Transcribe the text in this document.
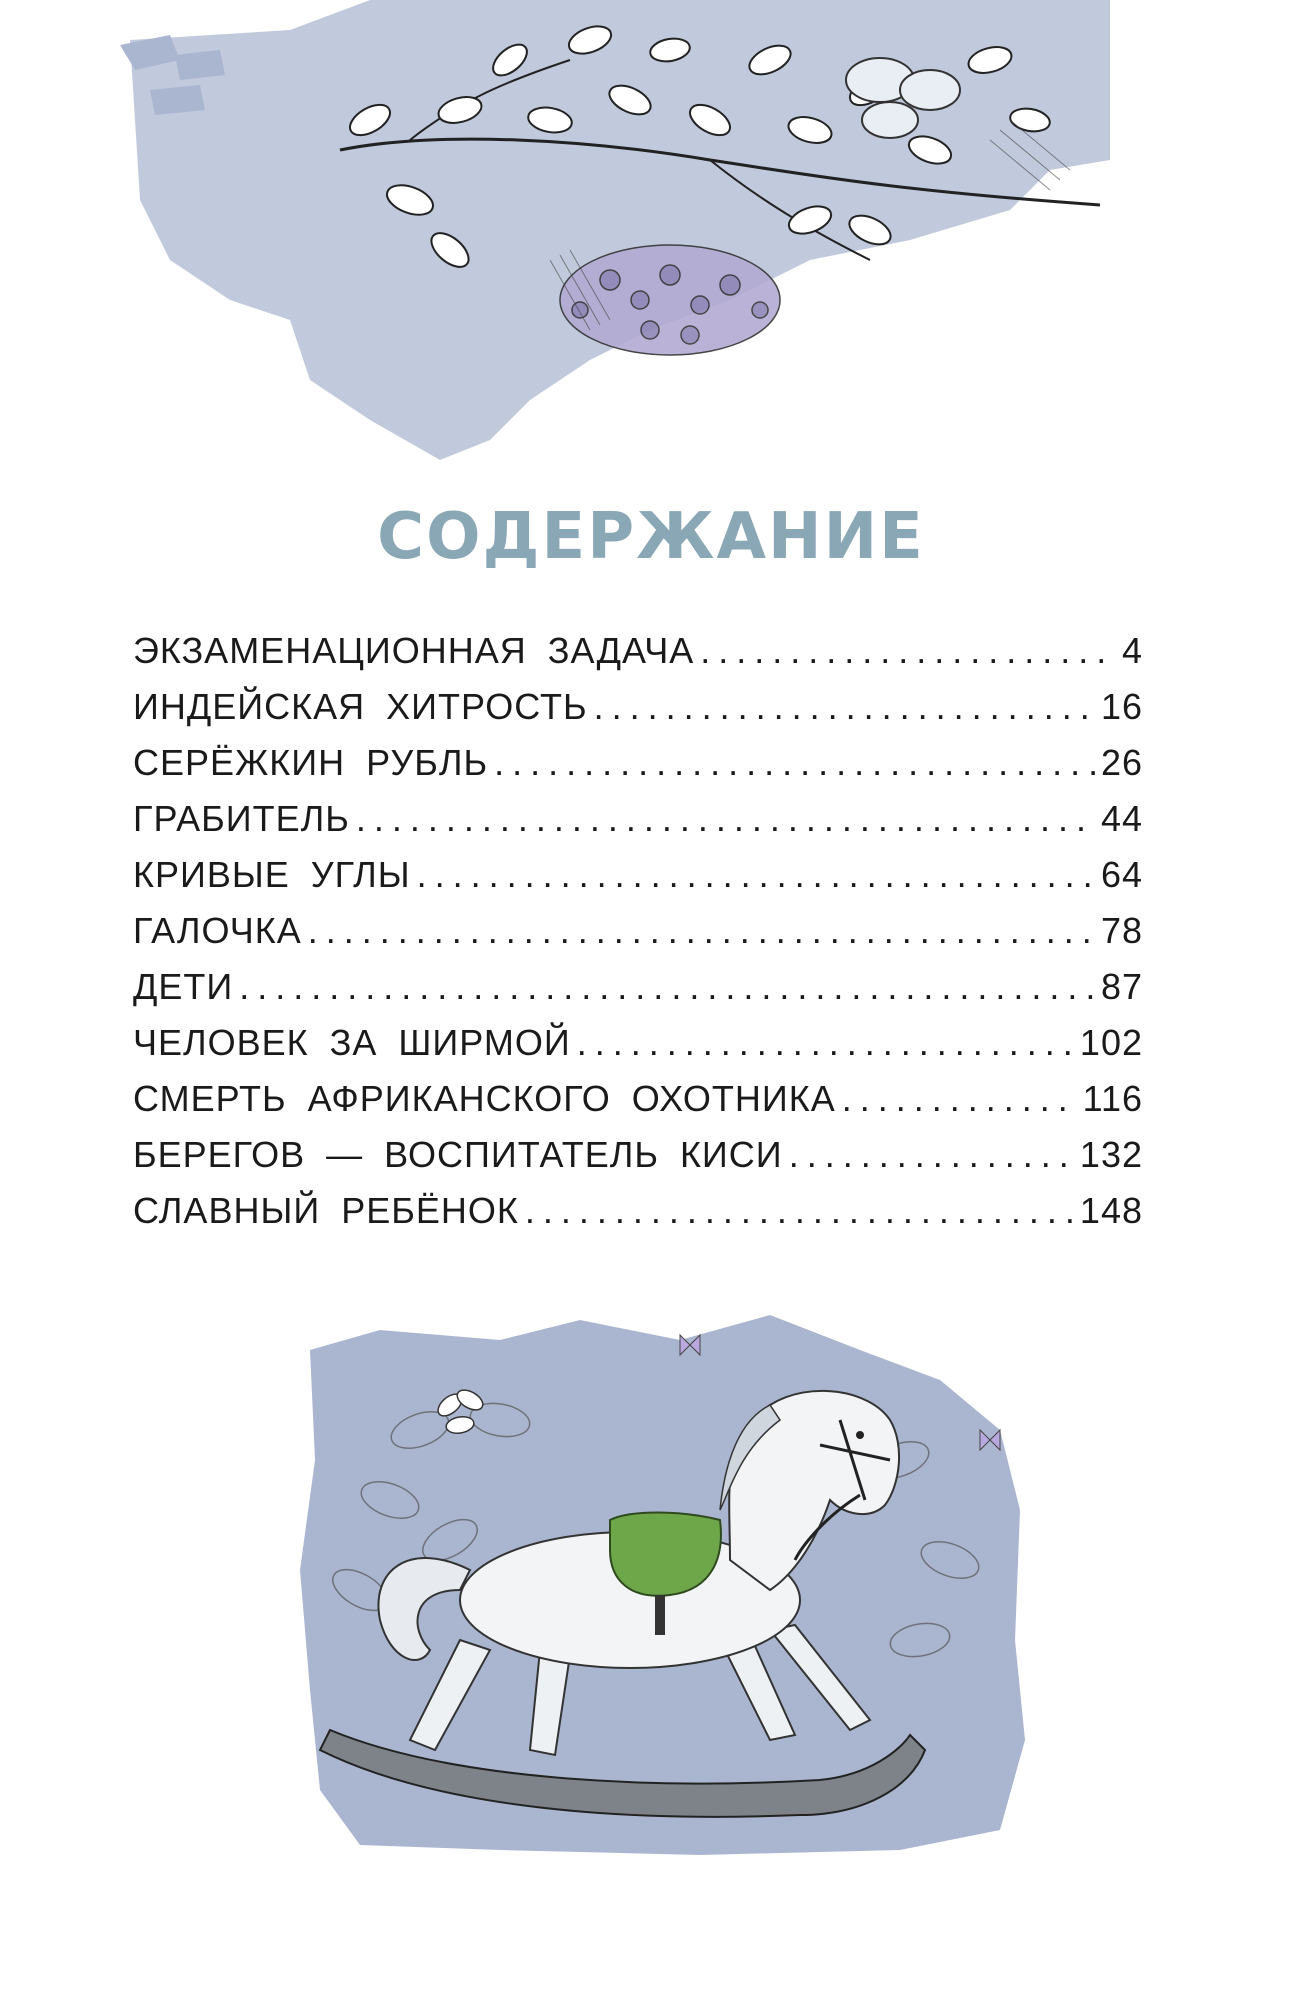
СОДЕРЖАНИЕ
ЭКЗАМЕНАЦИОННАЯ ЗАДАЧА .....	4
ИНДЕЙСКАЯ ХИТРОСТЬ .....	16
СЕРЁЖКИН РУБЛЬ .....	26
ГРАБИТЕЛЬ .....	44
КРИВЫЕ УГЛЫ .....	64
ГАЛОЧКА .....	78
ДЕТИ .....	87
ЧЕЛОВЕК ЗА ШИРМОЙ .....	102
СМЕРТЬ АФРИКАНСКОГО ОХОТНИКА .....	116
БЕРЕГОВ — ВОСПИТАТЕЛЬ КИСИ .....	132
СЛАВНЫЙ РЕБЁНОК .....	148
